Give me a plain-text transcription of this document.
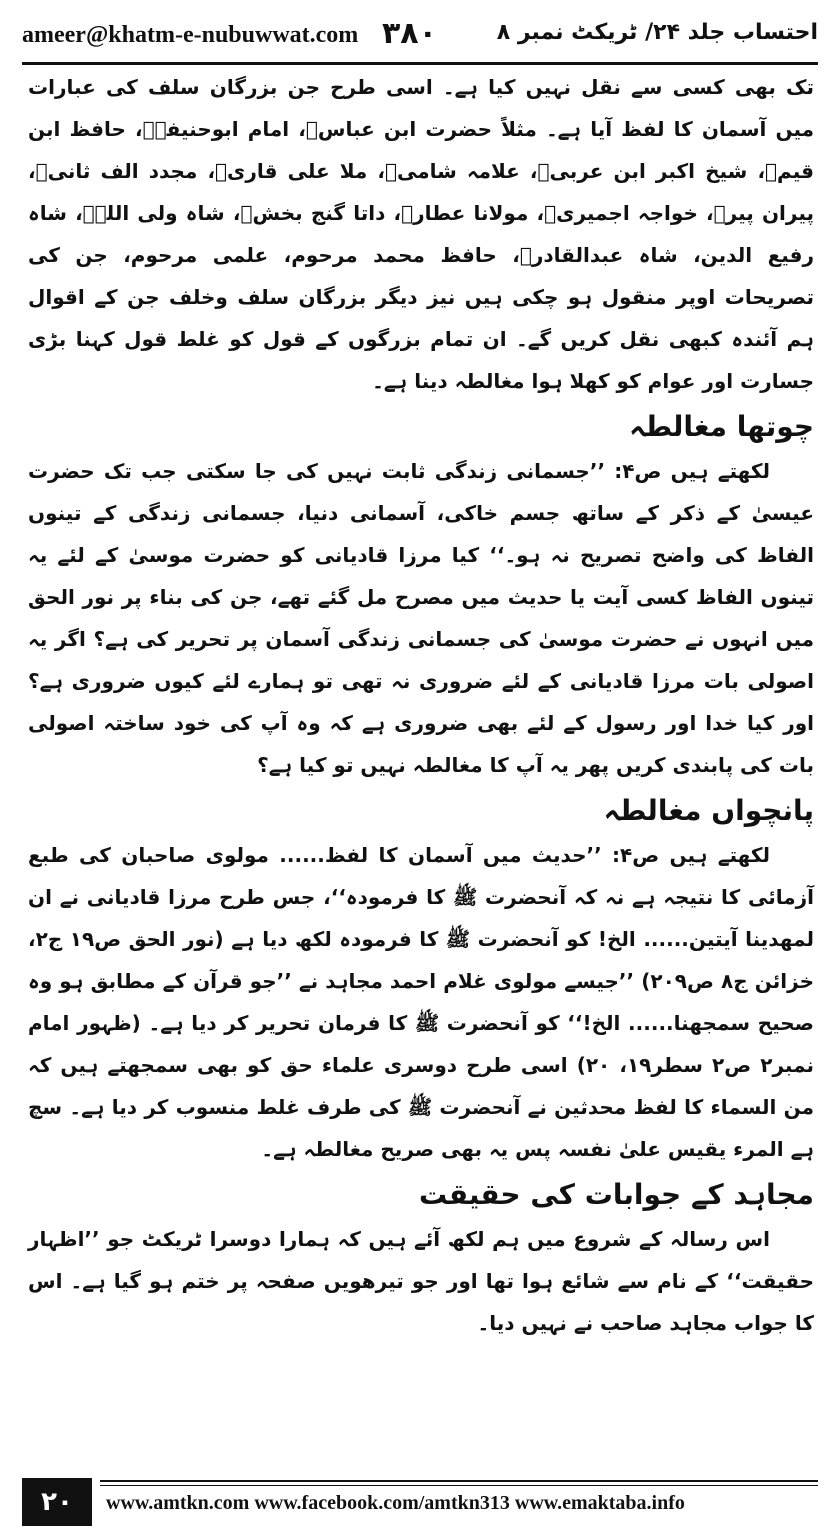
ameer@khatm-e-nubuwwat.com ۳۸۰	احتساب جلد ۲۴/ ٹریکٹ نمبر ۸

تک بھی کسی سے نقل نہیں کیا ہے۔ اسی طرح جن بزرگان سلف کی عبارات میں آسمان کا لفظ آیا ہے۔ مثلاً حضرت ابن عباسؓ، امام ابوحنیفہؒ، حافظ ابن قیمؒ، شیخ اکبر ابن عربیؒ، علامہ شامیؒ، ملا علی قاریؒ، مجدد الف ثانیؒ، پیران پیرؒ، خواجہ اجمیریؒ، مولانا عطارؒ، داتا گنج بخشؒ، شاہ ولی اللہؒ، شاہ رفیع الدین، شاہ عبدالقادرؒ، حافظ محمد مرحوم، علمی مرحوم، جن کی تصریحات اوپر منقول ہو چکی ہیں نیز دیگر بزرگان سلف وخلف جن کے اقوال ہم آئندہ کبھی نقل کریں گے۔ ان تمام بزرگوں کے قول کو غلط قول کہنا بڑی جسارت اور عوام کو کھلا ہوا مغالطہ دینا ہے۔

چوتھا مغالطہ

لکھتے ہیں ص۴: ’’جسمانی زندگی ثابت نہیں کی جا سکتی جب تک حضرت عیسیٰ کے ذکر کے ساتھ جسم خاکی، آسمانی دنیا، جسمانی زندگی کے تینوں الفاظ کی واضح تصریح نہ ہو۔‘‘ کیا مرزا قادیانی کو حضرت موسیٰ کے لئے یہ تینوں الفاظ کسی آیت یا حدیث میں مصرح مل گئے تھے، جن کی بناء پر نور الحق میں انہوں نے حضرت موسیٰ کی جسمانی زندگی آسمان پر تحریر کی ہے؟ اگر یہ اصولی بات مرزا قادیانی کے لئے ضروری نہ تھی تو ہمارے لئے کیوں ضروری ہے؟ اور کیا خدا اور رسول کے لئے بھی ضروری ہے کہ وہ آپ کی خود ساختہ اصولی بات کی پابندی کریں پھر یہ آپ کا مغالطہ نہیں تو کیا ہے؟

پانچواں مغالطہ

لکھتے ہیں ص۴: ’’حدیث میں آسمان کا لفظ...... مولوی صاحبان کی طبع آزمائی کا نتیجہ ہے نہ کہ آنحضرت ﷺ کا فرمودہ‘‘، جس طرح مرزا قادیانی نے ان لمھدینا آیتین...... الخ! کو آنحضرت ﷺ کا فرمودہ لکھ دیا ہے (نور الحق ص۱۹ ج۲، خزائن ج۸ ص۲۰۹) ’’جیسے مولوی غلام احمد مجاہد نے ’’جو قرآن کے مطابق ہو وہ صحیح سمجھنا...... الخ!‘‘ کو آنحضرت ﷺ کا فرمان تحریر کر دیا ہے۔ (ظہور امام نمبر۲ ص۲ سطر۱۹، ۲۰) اسی طرح دوسری علماء حق کو بھی سمجھتے ہیں کہ من السماء کا لفظ محدثین نے آنحضرت ﷺ کی طرف غلط منسوب کر دیا ہے۔ سچ ہے المرء یقیس علیٰ نفسہ پس یہ بھی صریح مغالطہ ہے۔

مجاہد کے جوابات کی حقیقت

اس رسالہ کے شروع میں ہم لکھ آئے ہیں کہ ہمارا دوسرا ٹریکٹ جو ’’اظہار حقیقت‘‘ کے نام سے شائع ہوا تھا اور جو تیرھویں صفحہ پر ختم ہو گیا ہے۔ اس کا جواب مجاہد صاحب نے نہیں دیا۔

۲۰	www.amtkn.com www.facebook.com/amtkn313 www.emaktaba.info
